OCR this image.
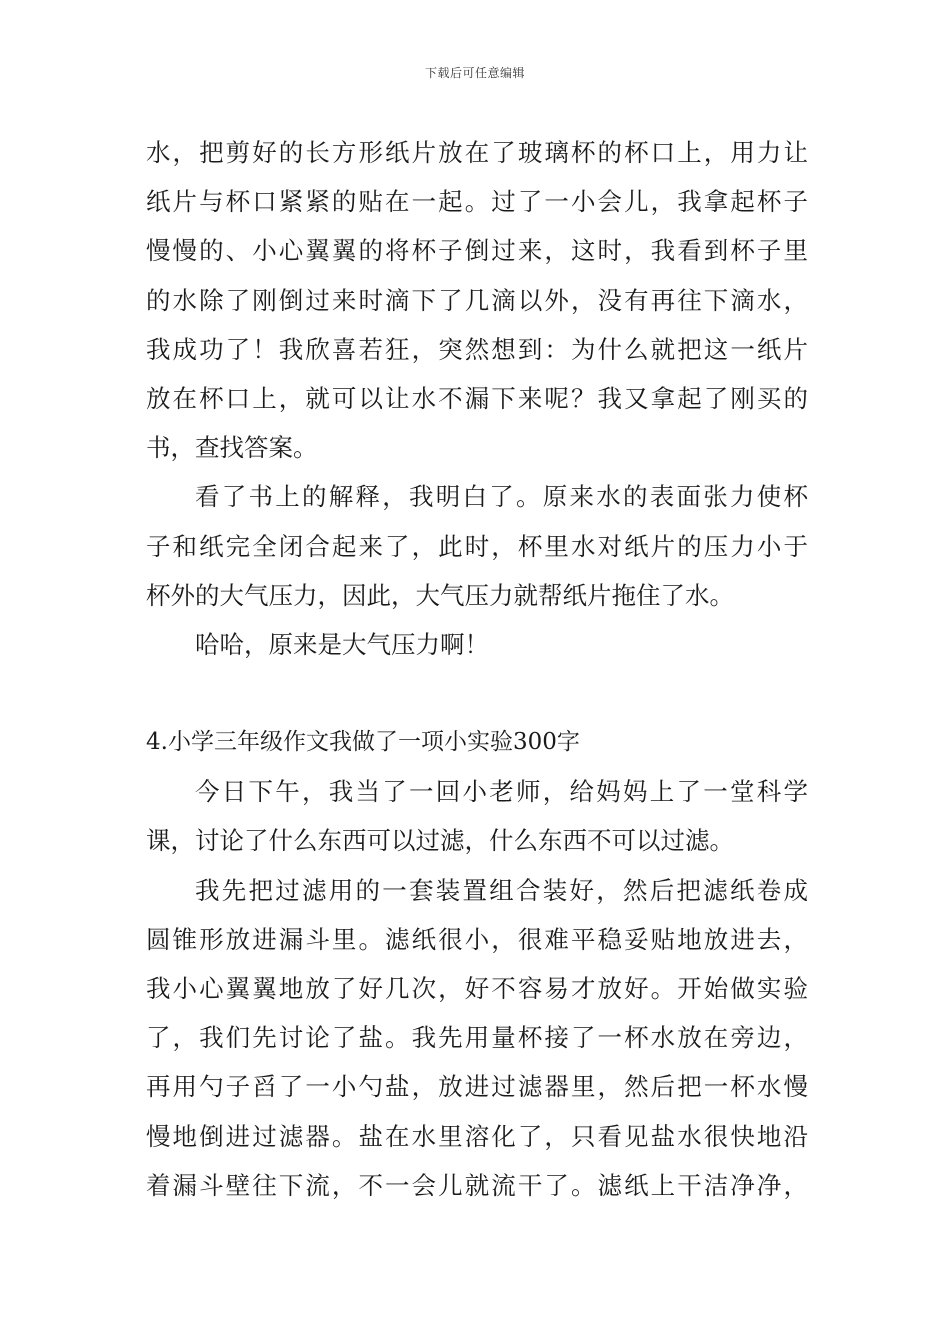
下载后可任意编辑
水，把剪好的长方形纸片放在了玻璃杯的杯口上，用力让
纸片与杯口紧紧的贴在一起。过了一小会儿，我拿起杯子
慢慢的、小心翼翼的将杯子倒过来，这时，我看到杯子里
的水除了刚倒过来时滴下了几滴以外，没有再往下滴水，
我成功了！我欣喜若狂，突然想到：为什么就把这一纸片
放在杯口上，就可以让水不漏下来呢？我又拿起了刚买的
书，查找答案。
看了书上的解释，我明白了。原来水的表面张力使杯
子和纸完全闭合起来了，此时，杯里水对纸片的压力小于
杯外的大气压力，因此，大气压力就帮纸片拖住了水。
哈哈，原来是大气压力啊！
4.小学三年级作文我做了一项小实验300字
今日下午，我当了一回小老师，给妈妈上了一堂科学
课，讨论了什么东西可以过滤，什么东西不可以过滤。
我先把过滤用的一套装置组合装好，然后把滤纸卷成
圆锥形放进漏斗里。滤纸很小，很难平稳妥贴地放进去，
我小心翼翼地放了好几次，好不容易才放好。开始做实验
了，我们先讨论了盐。我先用量杯接了一杯水放在旁边，
再用勺子舀了一小勺盐，放进过滤器里，然后把一杯水慢
慢地倒进过滤器。盐在水里溶化了，只看见盐水很快地沿
着漏斗壁往下流，不一会儿就流干了。滤纸上干洁净净，
